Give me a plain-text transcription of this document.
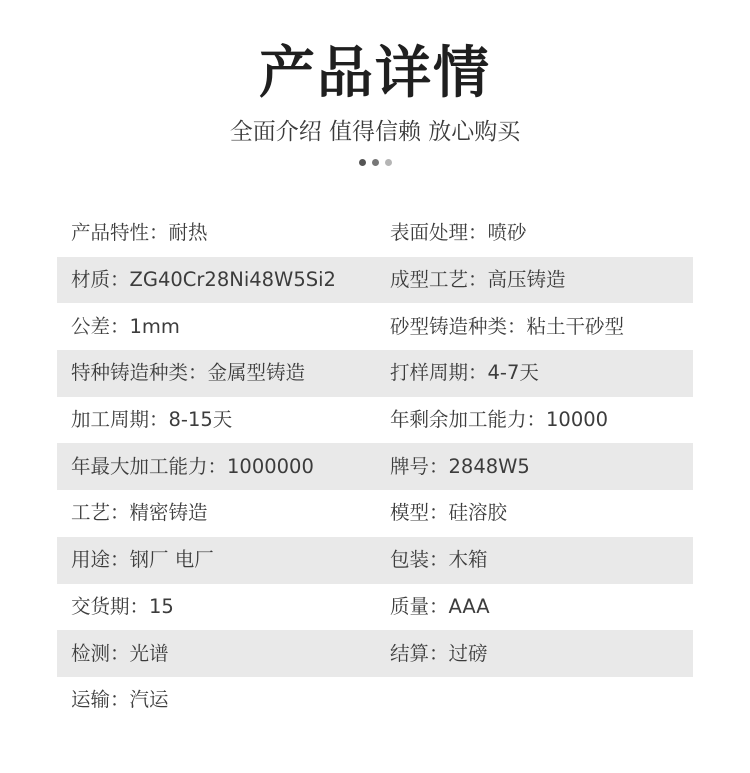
产品详情
全面介绍 值得信赖 放心购买

产品特性：耐热	表面处理：喷砂
材质：ZG40Cr28Ni48W5Si2	成型工艺：高压铸造
公差：1mm	砂型铸造种类：粘土干砂型
特种铸造种类：金属型铸造	打样周期：4-7天
加工周期：8-15天	年剩余加工能力：10000
年最大加工能力：1000000	牌号：2848W5
工艺：精密铸造	模型：硅溶胶
用途：钢厂 电厂	包装：木箱
交货期：15	质量：AAA
检测：光谱	结算：过磅
运输：汽运
